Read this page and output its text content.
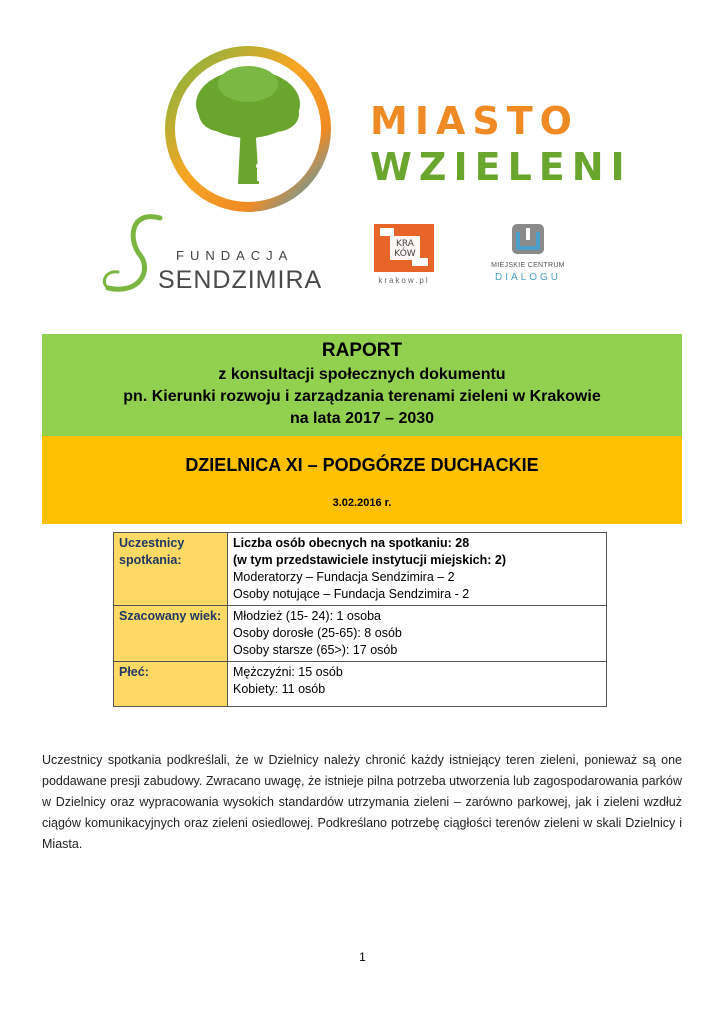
MIASTO
WZIELENI
FUNDACJA
SENDZIMIRA
KRA
KÓW
krakow.pl
MIEJSKIE CENTRUM
DIALOGU
RAPORT
z konsultacji społecznych dokumentu
pn. Kierunki rozwoju i zarządzania terenami zieleni w Krakowie
na lata 2017 – 2030
DZIELNICA XI – PODGÓRZE DUCHACKIE
3.02.2016 r.
Uczestnicy spotkania:	Liczba osób obecnych na spotkaniu: 28
(w tym przedstawiciele instytucji miejskich: 2)
Moderatorzy – Fundacja Sendzimira – 2
Osoby notujące – Fundacja Sendzimira - 2

Szacowany wiek:	Młodzież (15- 24): 1 osoba
Osoby dorosłe (25-65): 8 osób
Osoby starsze (65>): 17 osób

Płeć:	Mężczyźni: 15 osób
Kobiety: 11 osób
Uczestnicy spotkania podkreślali, że w Dzielnicy należy chronić każdy istniejący teren zieleni, ponieważ są one poddawane presji zabudowy. Zwracano uwagę, że istnieje pilna potrzeba utworzenia lub zagospodarowania parków w Dzielnicy oraz wypracowania wysokich standardów utrzymania zieleni – zarówno parkowej, jak i zieleni wzdłuż ciągów komunikacyjnych oraz zieleni osiedlowej. Podkreślano potrzebę ciągłości terenów zieleni w skali Dzielnicy i Miasta.
1
